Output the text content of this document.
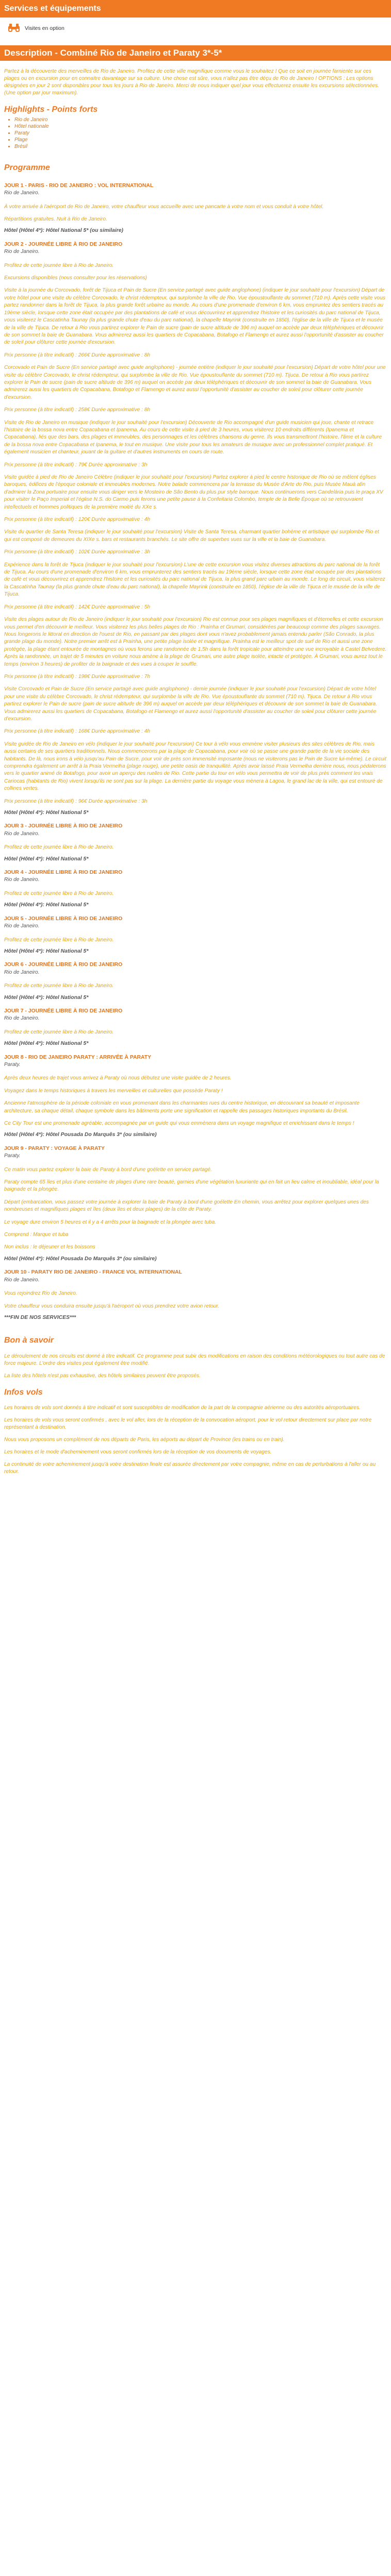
Services et équipements
Visites en option
Description - Combiné Rio de Janeiro et Paraty 3*-5*
Partez à la découverte des merveilles de Rio de Janeiro. Profitez de cette ville magnifique comme vous le souhaitez ! Que ce soit en journée farniente sur ces plages ou en excursion pour en connaitre davantage sur sa culture. Une chose est sûre, vous n'allez pas être déçu de Rio de Janeiro ! OPTIONS : Les options désignées en jour 2 sont disponibles pour tous les jours à Rio de Janeiro. Merci de nous indiquer quel jour vous effectuerez ensuite les excursions sélectionnées. (Une option par jour maximum).
Highlights - Points forts
• Rio de Janeiro
• Hôtel nationale
• Paraty
• Plage
• Brésil
Programme
JOUR 1 - PARIS - RIO DE JANEIRO : VOL INTERNATIONAL
Rio de Janeiro.

À votre arrivée à l'aéroport de Rio de Janeiro, votre chauffeur vous accueille avec une pancarte à votre nom et vous conduit à votre hôtel.

Répartitions gratuites. Nuit à Rio de Janeiro.

Hôtel (Hôtel 4*): Hôtel National 5* (ou similaire)
JOUR 2 - JOURNÉE LIBRE À RIO DE JANEIRO
Rio de Janeiro.

Profitez de cette journée libre à Rio de Janeiro.

Excursions disponibles (nous consulter pour les réservations)

Visite à la journée du Corcovado, forêt de Tijuca et Pain de Sucre (En service partagé avec guide anglophone) (indiquer le jour souhaité pour l'excursion) Départ de votre hôtel pour une visite du célèbre Corcovado, le christ rédempteur, qui surplombe la ville de Rio. Vue époustouflante du sommet (710 m). Après cette visite vous partez randonner dans la forêt de Tijuca, la plus grande forêt urbaine au monde. Au cours d'une promenade d'environ 6 km, vous empruntez des sentiers tracés au 19ème siècle, lorsque cette zone était occupée par des plantations de café et vous découvrirez et apprendrez l'histoire et les curiosités du parc national de Tijuca, vous visiterez le Cascatinha Taunay (la plus grande chute d'eau du parc national), la chapelle Mayrink (construite en 1850), l'église de la ville de Tijuca et le musée de la ville de Tijuca. De retour à Rio vous partirez explorer le Pain de sucre (pain de sucre altitude de 396 m) auquel on accède par deux téléphériques et découvrir de son sommet la baie de Guanabara. Vous admirerez aussi les quartiers de Copacabana, Botafogo et Flamengo et aurez aussi l'opportunité d'assister au coucher de soleil pour clôturer cette journée d'excursion.

Prix personne (à titre indicatif) : 266€ Durée approximative : 8h

Corcovado et Pain de Sucre (En service partagé avec guide anglophone) - journée entière (indiquer le jour souhaité pour l'excursion) Départ de votre hôtel pour une visite du célèbre Corcovado, le christ rédempteur, qui surplombe la ville de Rio. Vue époustouflante du sommet (710 m). Tijuca. De retour à Rio vous partirez explorer le Pain de sucre (pain de sucre altitude de 396 m) auquel on accède par deux téléphériques et découvrir de son sommet la baie de Guanabara. Vous admirerez aussi les quartiers de Copacabana, Botafogo et Flamengo et aurez aussi l'opportunité d'assister au coucher de soleil pour clôturer cette journée d'excursion.

Prix personne (à titre indicatif) : 258€ Durée approximative : 8h

Visite de Rio de Janeiro en musique (indiquer le jour souhaité pour l'excursion) Découverte de Rio accompagné d'un guide musicien qui joue, chante et retrace l'histoire de la bossa nova entre Copacabana et Ipanema. Au cours de cette visite à pied de 3 heures, vous visiterez 10 endroits différents (Ipanema et Copacabana), liés que des bars, des plages et immeubles, des personnages et les célèbres chansons du genre. Ils vous transmettront l'histoire, l'âme et la culture de la bossa nova entre Copacabana et Ipanema, le tout en musique. Une visite pour tous les amateurs de musique avec un professionnel complet pratiqué. Et également musicien et chanteur, jouant de la guitare et d'autres instruments en cours de route.

Prix personne (à titre indicatif) : 79€ Durée approximative : 3h

Visite guidée à pied de Rio de Janeiro Célèbre (indiquer le jour souhaité pour l'excursion) Partez explorer à pied le centre historique de Rio où se mêlent églises baroques, édifices de l'époque coloniale et immeubles modernes. Notre balade commencera par la terrasse du Musée d'Arte do Rio, puis Musée Mauá afin d'admirer la Zona portuaire pour ensuite vous diriger vers le Mosteiro de São Bento du plus pur style baroque. Nous continuerons vers Candelária puis le praça XV pour visiter le Paço Imperial et l'église N.S. do Carmo puis ferons une petite pause à la Confeitaria Colombo, temple de la Belle Époque où se retrouvaient intellectuels et hommes politiques de la première moitié du XXe s.

Prix personne (à titre indicatif) : 120€ Durée approximative : 4h

Visite du quartier de Santa Teresa (indiquer le jour souhaité pour l'excursion) Visite de Santa Teresa, charmant quartier bohème et artistique qui surplombe Rio et qui est composé de demeures du XIXe s. bars et restaurants branchés. Le site offre de superbes vues sur la ville et la baie de Guanabara.

Prix personne (à titre indicatif) : 102€ Durée approximative : 3h

Expérience dans la forêt de Tijuca (indiquer le jour souhaité pour l'excursion) L'une de cette excursion vous visitez diverses attractions du parc national de la forêt de Tijuca. Au cours d'une promenade d'environ 6 km, vous emprunterez des sentiers tracés au 19ème siècle, lorsque cette zone était occupée par des plantations de café et vous découvrirez et apprendrez l'histoire et les curiosités du parc national de Tijuca, la plus grand parc urbain au monde. Le long de circuit, vous visiterez la Cascatinha Taunay (la plus grande chute d'eau du parc national), la chapelle Mayrink (construite en 1850), l'église de la ville de Tijuca et le musée de la ville de Tijuca.

Prix personne (à titre indicatif) : 142€ Durée approximative : 5h

Visite des plages autour de Rio de Janeiro (indiquer le jour souhaité pour l'excursion) Rio est connue pour ses plages magnifiques et d'éternelles et cette excursion vous permet d'en découvrir le meilleur. Vous visiterez les plus belles plages de Rio : Prainha et Grumari, considérées par beaucoup comme des plages sauvages. Nous longerons le littoral en direction de l'ouest de Rio, en passant par des plages dont vous n'avez probablement jamais entendu parler (São Conrado, la plus grande plage du monde). Notre premier arrêt est à Prainha, une petite plage isolée et magnifique. Prainha est le meilleur spot de surf de Rio et aussi une zone protégée, la plage étant entourée de montagnes où vous ferons une randonnée de 1,5h dans la forêt tropicale pour atteindre une vue incroyable à Castel Belvedere. Après la randonnée, un trajet de 5 minutes en voiture nous amène à la plage de Grumari, une autre plage isolée, intacte et protégée. À Grumari, vous aurez tout le temps (environ 3 heures) de profiter de la baignade et des vues à couper le souffle.

Prix personne (à titre indicatif) : 198€ Durée approximative : 7h

Visite Corcovado et Pain de Sucre (En service partagé avec guide anglophone) - demie journée (indiquer le jour souhaité pour l'excursion) Départ de votre hôtel pour une visite du célèbre Corcovado, le christ rédempteur, qui surplombe la ville de Rio. Vue époustouflante du sommet (710 m). Tijuca. De retour à Rio vous partirez explorer le Pain de sucre (pain de sucre altitude de 396 m) auquel on accède par deux téléphériques et découvrir de son sommet la baie de Guanabara. Vous admirerez aussi les quartiers de Copacabana, Botafogo et Flamengo et aurez aussi l'opportunité d'assister au coucher de soleil pour clôturer cette journée d'excursion.

Prix personne (à titre indicatif) : 168€ Durée approximative : 4h

Visite guidée de Rio de Janeiro en vélo (indiquer le jour souhaité pour l'excursion) Ce tour à vélo vous emmène visiter plusieurs des sites célèbres de Rio, mais aussi certains de ses quartiers traditionnels. Nous commencerons par la plage de Copacabana, pour voir où se passe une grande partie de la vie sociale des habitants. De là, nous irons à vélo jusqu'au Pain de Sucre, pour voir de près son immensité imposante (nous ne visiterons pas le Pain de Sucre lui-même). Le circuit comprendra également un arrêt à la Praia Vermelha (plage rouge), une petite oasis de tranquillité. Après avoir laissé Praia Vermelha derrière nous, nous pédalerons vers le quartier animé de Botafogo, pour avoir un aperçu des ruelles de Rio. Cette partie du tour en vélo vous permettra de voir de plus près comment les vrais Cariocas (habitants de Rio) vivent lorsqu'ils ne sont pas sur la plage. La dernière partie du voyage vous mènera à Lagoa, le grand lac de la ville, qui est entouré de collines vertes.

Prix personne (à titre indicatif) : 96€ Durée approximative : 3h

Hôtel (Hôtel 4*): Hôtel National 5*
JOUR 3 - JOURNÉE LIBRE À RIO DE JANEIRO
Rio de Janeiro.

Profitez de cette journée libre à Rio de Janeiro.

Hôtel (Hôtel 4*): Hôtel National 5*
JOUR 4 - JOURNÉE LIBRE À RIO DE JANEIRO
Rio de Janeiro.

Profitez de cette journée libre à Rio de Janeiro.

Hôtel (Hôtel 4*): Hôtel National 5*
JOUR 5 - JOURNÉE LIBRE À RIO DE JANEIRO
Rio de Janeiro.

Profitez de cette journée libre à Rio de Janeiro.

Hôtel (Hôtel 4*): Hôtel National 5*
JOUR 6 - JOURNÉE LIBRE À RIO DE JANEIRO
Rio de Janeiro.

Profitez de cette journée libre à Rio de Janeiro.

Hôtel (Hôtel 4*): Hôtel National 5*
JOUR 7 - JOURNÉE LIBRE À RIO DE JANEIRO
Rio de Janeiro.

Profitez de cette journée libre à Rio de Janeiro.

Hôtel (Hôtel 4*): Hôtel National 5*
JOUR 8 - RIO DE JANEIRO PARATY : ARRIVÉE À PARATY
Paraty.

Après deux heures de trajet vous arrivez à Paraty où nous débutez une visite guidée de 2 heures.

Voyagez dans le temps historiques à travers les merveilles et culturelles que possède Paraty !

Ancienne l'atmosphère de la période coloniale en vous promenant dans les charmantes rues du centre historique, en découvrant sa beauté et imposante architecture, sa chaque détail, chaque symbole dans les bâtiments porte une signification et rappelle des passages historiques importants du Brésil.

Ce City Tour est une promenade agréable, accompagnée par un guide qui vous emmènera dans un voyage magnifique et enrichissant dans le temps !

Hôtel (Hôtel 4*): Hôtel Pousada Do Marquês 3* (ou similaire)
JOUR 9 - PARATY : VOYAGE À PARATY
Paraty.

Ce matin vous partez explorer la baie de Paraty à bord d'une goélette en service partagé.

Paraty compte 65 îles et plus d'une centaine de plages d'une rare beauté, garnies d'une végétation luxuriante qui en fait un lieu calme et inoubliable, idéal pour la baignade et la plongée.

Départ (embarcation, vous passez votre journée à explorer la baie de Paraty à bord d'une goélette En chemin, vous arrêtez pour explorer quelques unes des nombreuses et magnifiques plages et îles (deux îles et deux plages) de la côte de Paraty.

Le voyage dure environ 5 heures et il y a 4 arrêts pour la baignade et la plongée avec tuba.

Comprend : Marque et tuba

Non inclus : le déjeuner et les boissons

Hôtel (Hôtel 4*): Hôtel Pousada Do Marquês 3* (ou similaire)
JOUR 10 - PARATY RIO DE JANEIRO - FRANCE VOL INTERNATIONAL
Rio de Janeiro.

Vous rejoindrez Rio de Janeiro.

Votre chauffeur vous conduira ensuite jusqu'à l'aéroport où vous prendrez votre avion retour.

***FIN DE NOS SERVICES***
Bon à savoir
Le déroulement de nos circuits est donné à titre indicatif. Ce programme peut subir des modifications en raison des conditions météorologiques ou tout autre cas de force majeure. L'ordre des visites peut également être modifié.
La liste des hôtels n'est pas exhaustive, des hôtels similaires peuvent être proposés.
Infos vols
Les horaires de vols sont donnés à titre indicatif et sont susceptibles de modification de la part de la compagnie aérienne ou des autorités aéroportuaires.
Les horaires de vols vous seront confirmés , avec le vol aller, lors de la réception de la convocation aéroport, pour le vol retour directement sur place par notre représentant à destination.
Nous vous proposons un complément de nos départs de Paris, les aéports au départ de Province (les trains ou en train).
Les horaires et le mode d'acheminement vous seront confirmés lors de la réception de vos documents de voyages.
La continuité de votre acheminement jusqu'à votre destination finale est assurée directement par votre compagnie, même en cas de perturbations à l'aller ou au retour.
